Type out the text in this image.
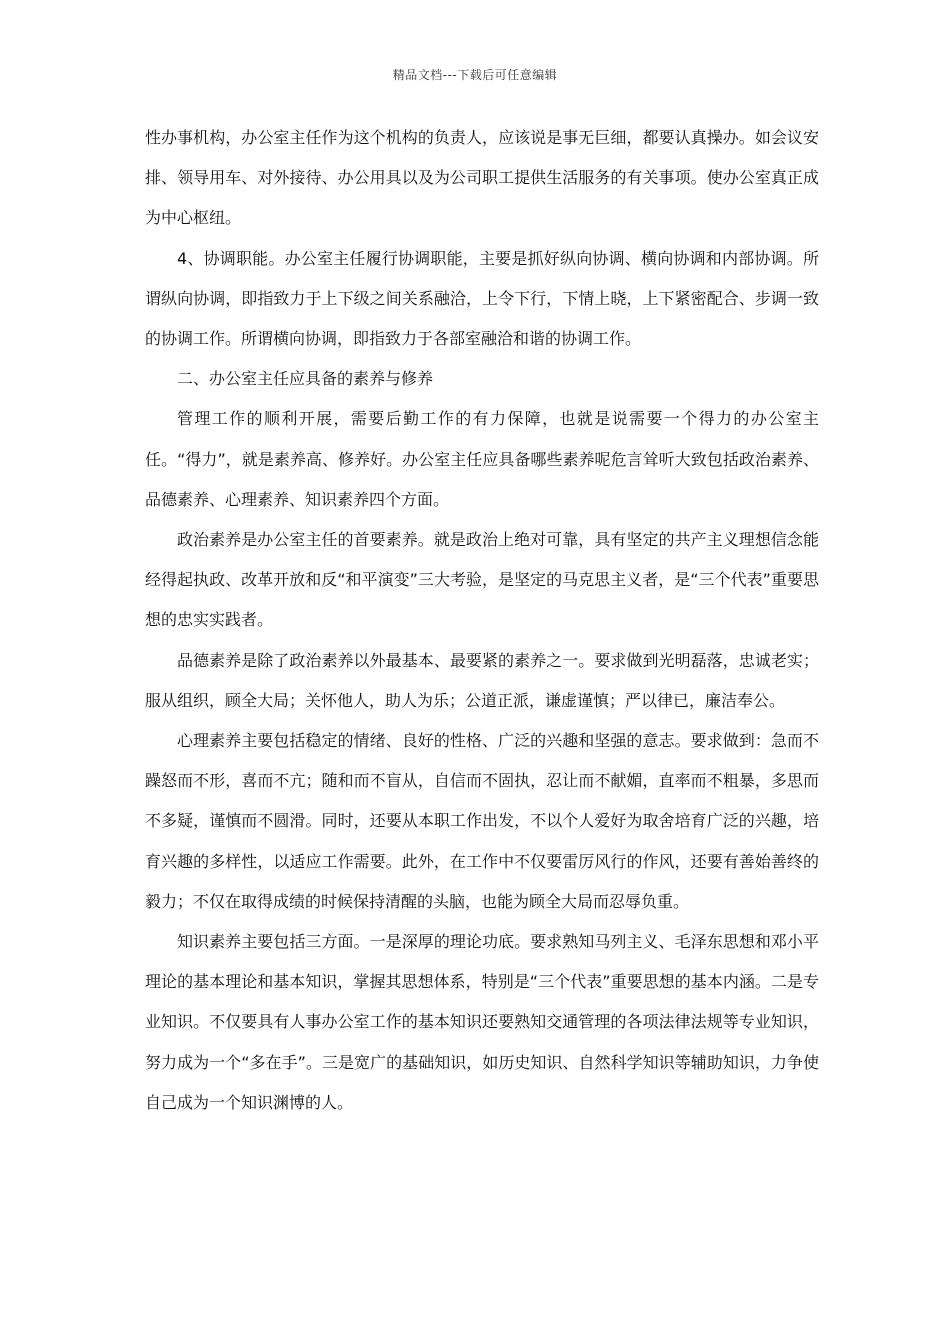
精品文档---下载后可任意编辑

性办事机构，办公室主任作为这个机构的负责人，应该说是事无巨细，都要认真操办。如会议安排、领导用车、对外接待、办公用具以及为公司职工提供生活服务的有关事项。使办公室真正成为中心枢纽。

4、协调职能。办公室主任履行协调职能，主要是抓好纵向协调、横向协调和内部协调。所谓纵向协调，即指致力于上下级之间关系融洽，上令下行，下情上晓，上下紧密配合、步调一致的协调工作。所谓横向协调，即指致力于各部室融洽和谐的协调工作。

二、办公室主任应具备的素养与修养

管理工作的顺利开展，需要后勤工作的有力保障，也就是说需要一个得力的办公室主任。“得力”，就是素养高、修养好。办公室主任应具备哪些素养呢危言耸听大致包括政治素养、品德素养、心理素养、知识素养四个方面。

政治素养是办公室主任的首要素养。就是政治上绝对可靠，具有坚定的共产主义理想信念能经得起执政、改革开放和反“和平演变”三大考验，是坚定的马克思主义者，是“三个代表”重要思想的忠实实践者。

品德素养是除了政治素养以外最基本、最要紧的素养之一。要求做到光明磊落，忠诚老实；服从组织，顾全大局；关怀他人，助人为乐；公道正派，谦虚谨慎；严以律已，廉洁奉公。

心理素养主要包括稳定的情绪、良好的性格、广泛的兴趣和坚强的意志。要求做到：急而不躁怒而不形，喜而不亢；随和而不盲从，自信而不固执，忍让而不献媚，直率而不粗暴，多思而不多疑，谨慎而不圆滑。同时，还要从本职工作出发，不以个人爱好为取舍培育广泛的兴趣，培育兴趣的多样性，以适应工作需要。此外，在工作中不仅要雷厉风行的作风，还要有善始善终的毅力；不仅在取得成绩的时候保持清醒的头脑，也能为顾全大局而忍辱负重。

知识素养主要包括三方面。一是深厚的理论功底。要求熟知马列主义、毛泽东思想和邓小平理论的基本理论和基本知识，掌握其思想体系，特别是“三个代表”重要思想的基本内涵。二是专业知识。不仅要具有人事办公室工作的基本知识还要熟知交通管理的各项法律法规等专业知识，努力成为一个“多在手”。三是宽广的基础知识，如历史知识、自然科学知识等辅助知识，力争使自己成为一个知识渊博的人。
